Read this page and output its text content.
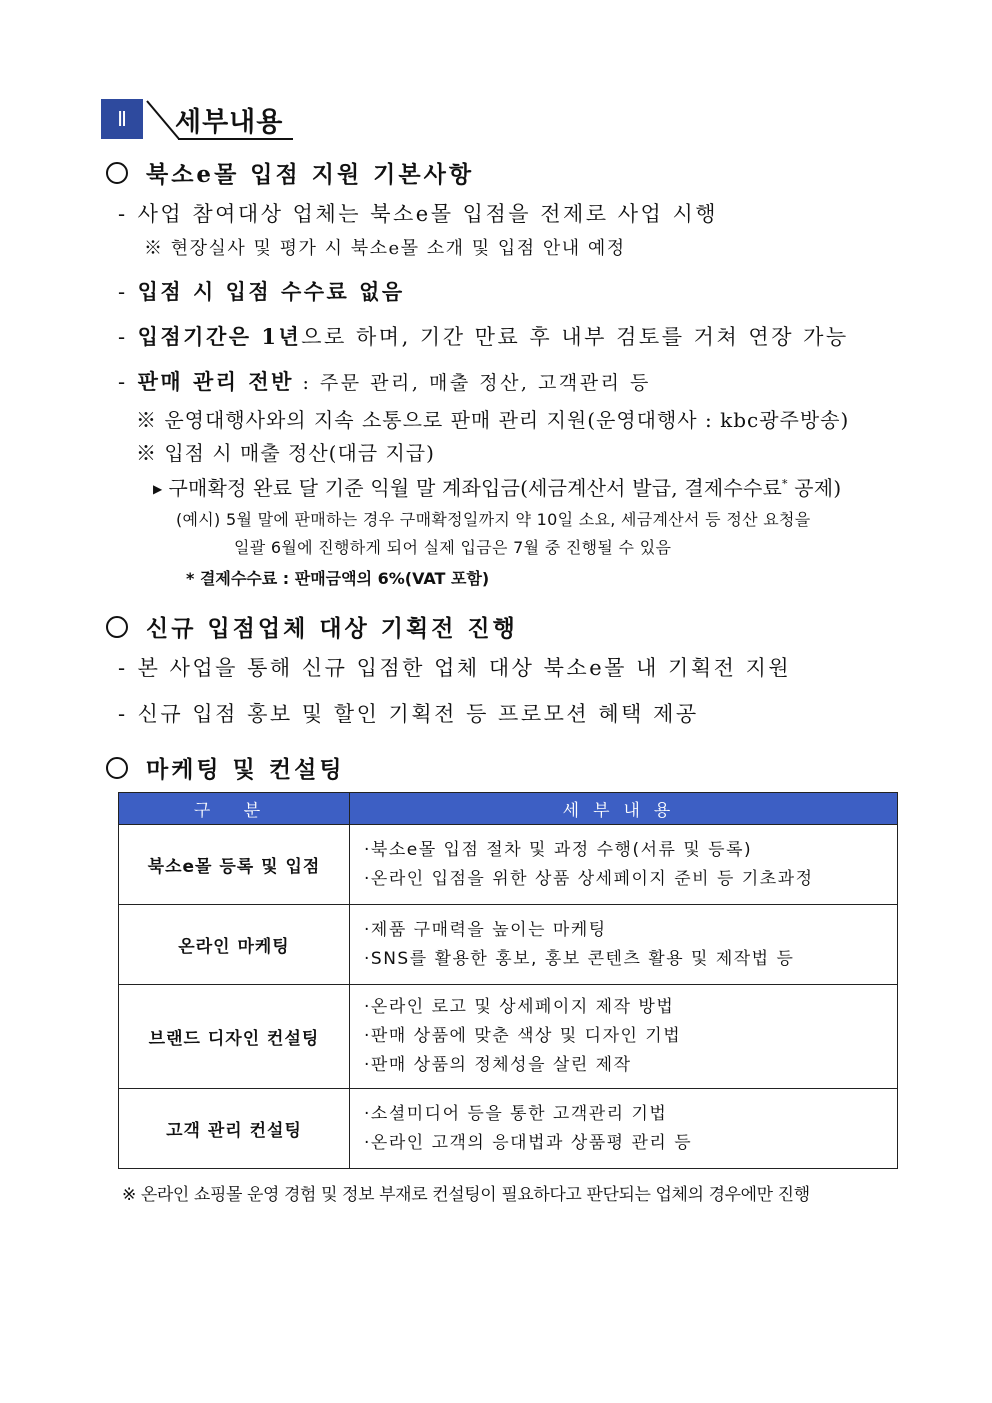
Ⅱ	세부내용
북소e몰 입점 지원 기본사항
- 사업 참여대상 업체는 북소e몰 입점을 전제로 사업 시행
※ 현장실사 및 평가 시 북소e몰 소개 및 입점 안내 예정
- 입점 시 입점 수수료 없음
- 입점기간은 1년으로 하며, 기간 만료 후 내부 검토를 거쳐 연장 가능
- 판매 관리 전반 : 주문 관리, 매출 정산, 고객관리 등
※ 운영대행사와의 지속 소통으로 판매 관리 지원(운영대행사 : kbc광주방송)
※ 입점 시 매출 정산(대금 지급)
▶ 구매확정 완료 달 기준 익월 말 계좌입금(세금계산서 발급, 결제수수료* 공제)
(예시) 5월 말에 판매하는 경우 구매확정일까지 약 10일 소요, 세금계산서 등 정산 요청을
일괄 6월에 진행하게 되어 실제 입금은 7월 중 진행될 수 있음
* 결제수수료 : 판매금액의 6%(VAT 포함)
신규 입점업체 대상 기획전 진행
- 본 사업을 통해 신규 입점한 업체 대상 북소e몰 내 기획전 지원
- 신규 입점 홍보 및 할인 기획전 등 프로모션 혜택 제공
마케팅 및 컨설팅
구 분	세부내용
북소e몰 등록 및 입점	·북소e몰 입점 절차 및 과정 수행(서류 및 등록)
·온라인 입점을 위한 상품 상세페이지 준비 등 기초과정

온라인 마케팅	·제품 구매력을 높이는 마케팅
·SNS를 활용한 홍보, 홍보 콘텐츠 활용 및 제작법 등

브랜드 디자인 컨설팅	·온라인 로고 및 상세페이지 제작 방법
·판매 상품에 맞춘 색상 및 디자인 기법
·판매 상품의 정체성을 살린 제작

고객 관리 컨설팅	·소셜미디어 등을 통한 고객관리 기법
·온라인 고객의 응대법과 상품평 관리 등
※ 온라인 쇼핑몰 운영 경험 및 정보 부재로 컨설팅이 필요하다고 판단되는 업체의 경우에만 진행
